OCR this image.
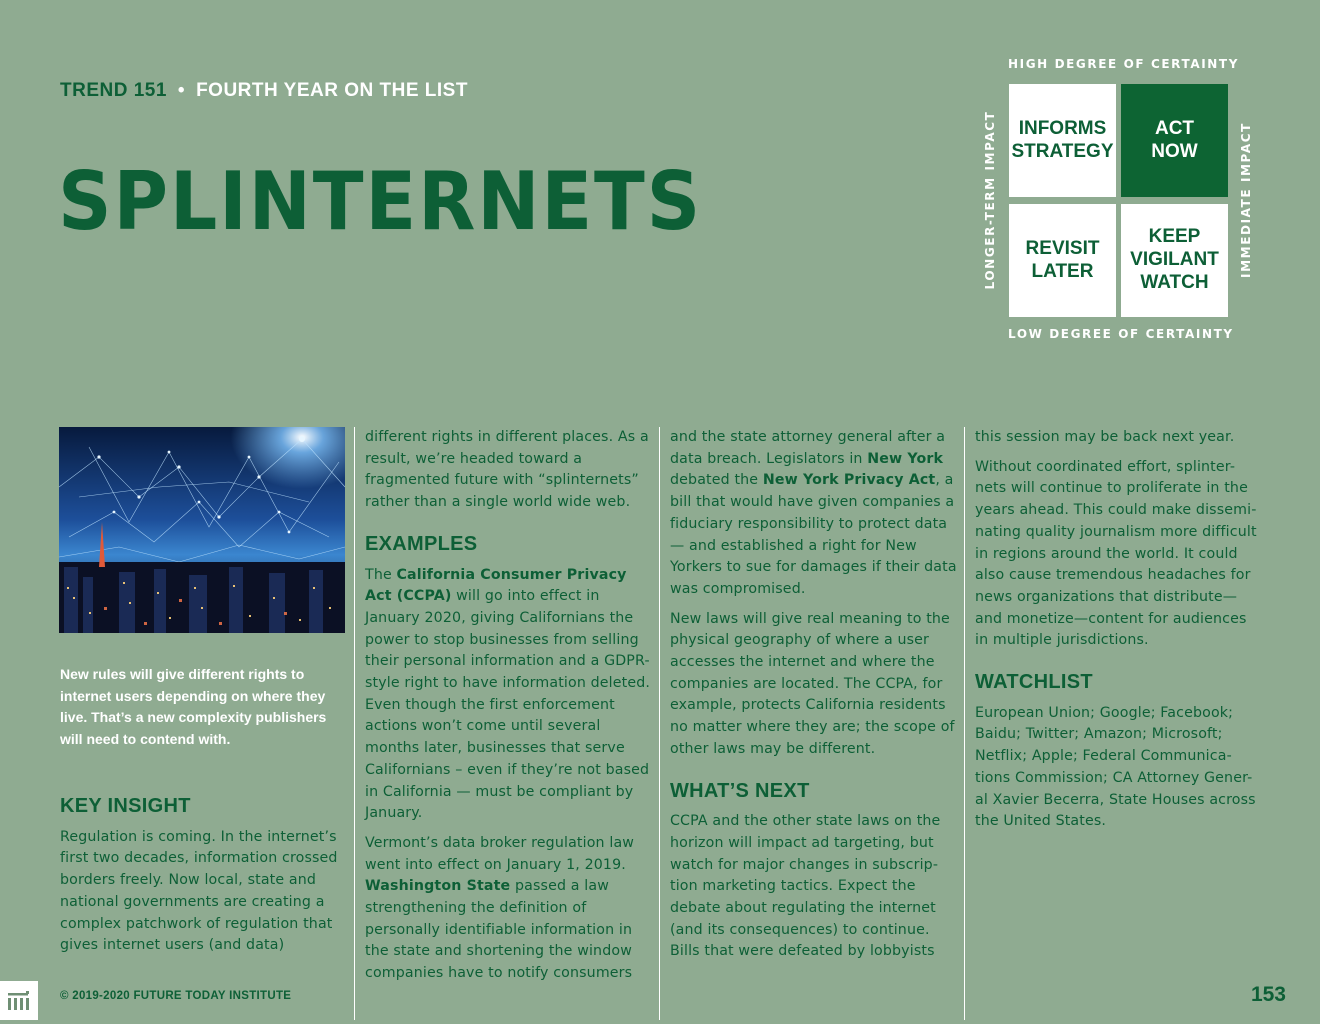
TREND 151 • FOURTH YEAR ON THE LIST
SPLINTERNETS
HIGH DEGREE OF CERTAINTY
LOW DEGREE OF CERTAINTY
LONGER-TERM IMPACT	IMMEDIATE IMPACT
INFORMS
STRATEGY
ACT
NOW
REVISIT
LATER
KEEP
VIGILANT
WATCH
New rules will give different rights to internet users depending on where they live. That’s a new complexity publishers will need to contend with.
KEY INSIGHT

Regulation is coming. In the internet’s first two decades, information crossed borders freely. Now local, state and national governments are creating a complex patchwork of regulation that gives internet users (and data)

different rights in different places. As a result, we’re headed toward a fragmented future with “splinternets” rather than a single world wide web.

EXAMPLES

The California Consumer Privacy Act (CCPA) will go into effect in January 2020, giving Californians the power to stop businesses from selling their personal information and a GDPR-style right to have information deleted. Even though the first enforcement actions won’t come until several months later, businesses that serve Californians – even if they’re not based in California — must be compliant by January.

Vermont’s data broker regulation law went into effect on January 1, 2019. Washington State passed a law strengthening the definition of personally identifiable information in the state and shortening the window companies have to notify consumers

and the state attorney general after a data breach. Legislators in New York debated the New York Privacy Act, a bill that would have given companies a fiduciary responsibility to protect data — and established a right for New Yorkers to sue for damages if their data was compromised.

New laws will give real meaning to the physical geography of where a user accesses the internet and where the companies are located. The CCPA, for example, protects California residents no matter where they are; the scope of other laws may be different.

WHAT’S NEXT

CCPA and the other state laws on the horizon will impact ad targeting, but watch for major changes in subscrip-tion marketing tactics. Expect the debate about regulating the internet (and its consequences) to continue. Bills that were defeated by lobbyists

this session may be back next year.

Without coordinated effort, splinter-nets will continue to proliferate in the years ahead. This could make dissemi-nating quality journalism more difficult in regions around the world. It could also cause tremendous headaches for news organizations that distribute—and monetize—content for audiences in multiple jurisdictions.

WATCHLIST

European Union; Google; Facebook; Baidu; Twitter; Amazon; Microsoft; Netflix; Apple; Federal Communica-tions Commission; CA Attorney Gener-al Xavier Becerra, State Houses across the United States.

© 2019-2020 FUTURE TODAY INSTITUTE	153
